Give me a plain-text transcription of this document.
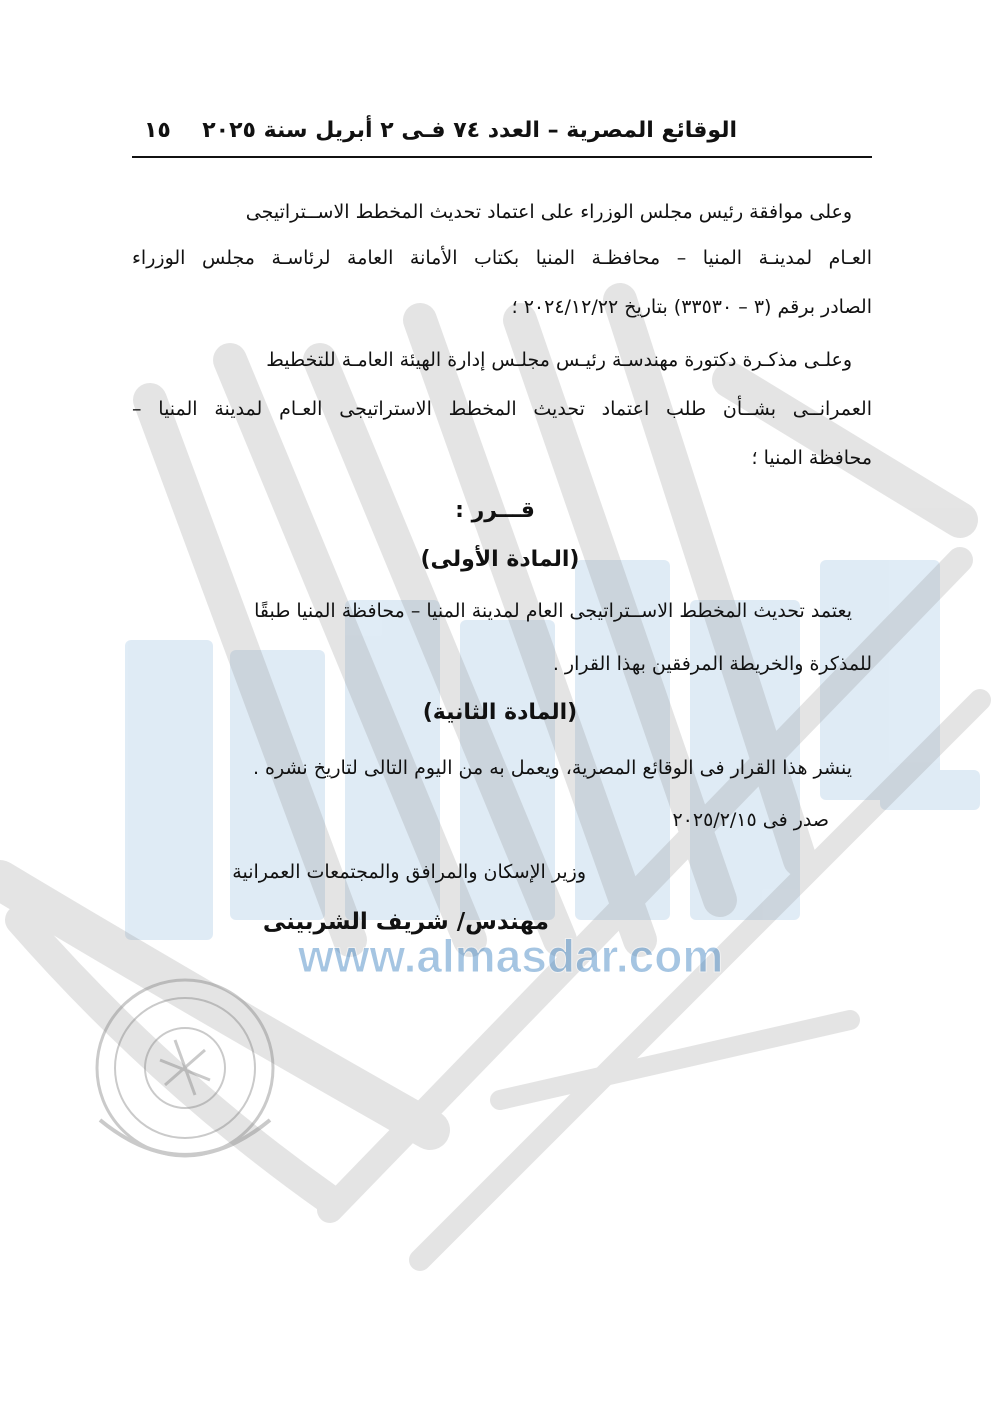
www.almasdar.com
الوقائع المصرية – العدد ٧٤ فـى ٢ أبريل سنة ٢٠٢٥
١٥
وعلى موافقة رئيس مجلس الوزراء على اعتماد تحديث المخطط الاســتراتيجى
العـام لمدينـة المنيا – محافظـة المنيا بكتاب الأمانة العامة لرئاسـة مجلس الوزراء
الصادر برقم (٣ – ٣٣٥٣٠) بتاريخ ٢٠٢٤/١٢/٢٢ ؛
وعلـى مذكـرة دكتورة مهندسـة رئيـس مجلـس إدارة الهيئة العامـة للتخطيط
العمرانــى بشــأن طلب اعتماد تحديث المخطط الاستراتيجى العـام لمدينة المنيا –
محافظة المنيا ؛
قـــرر :
(المادة الأولى)
يعتمد تحديث المخطط الاســتراتيجى العام لمدينة المنيا – محافظة المنيا طبقًا
للمذكرة والخريطة المرفقين بهذا القرار .
(المادة الثانية)
ينشر هذا القرار فى الوقائع المصرية، ويعمل به من اليوم التالى لتاريخ نشره .
صدر فى ٢٠٢٥/٢/١٥
وزير الإسكان والمرافق والمجتمعات العمرانية
مهندس/ شريف الشربينى
